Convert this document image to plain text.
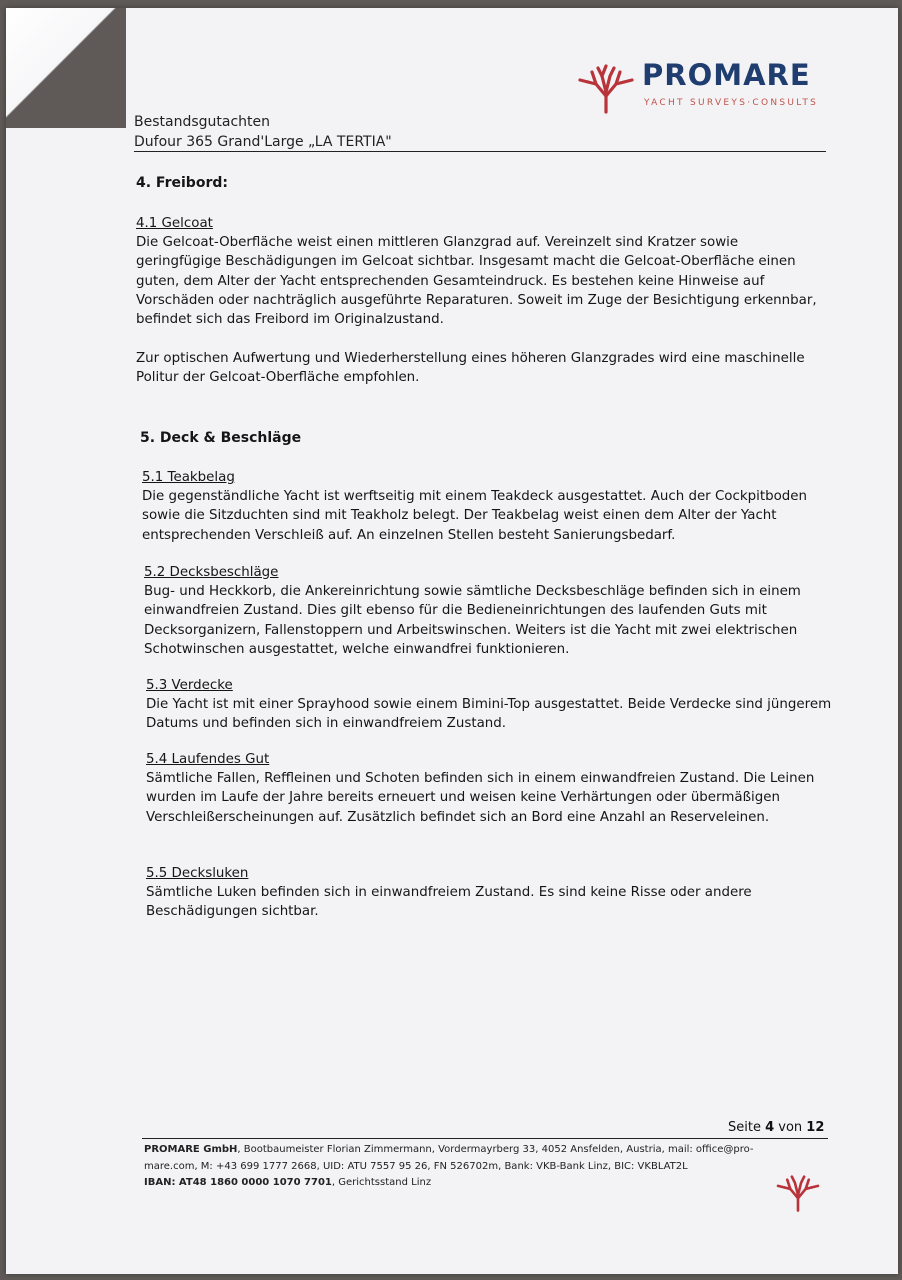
PROMARE
YACHT SURVEYS·CONSULTS
Bestandsgutachten
Dufour 365 Grand'Large „LA TERTIA"

4. Freibord:

4.1 Gelcoat

Die Gelcoat-Oberfläche weist einen mittleren Glanzgrad auf. Vereinzelt sind Kratzer sowie geringfügige Beschädigungen im Gelcoat sichtbar. Insgesamt macht die Gelcoat-Oberfläche einen guten, dem Alter der Yacht entsprechenden Gesamteindruck. Es bestehen keine Hinweise auf Vorschäden oder nachträglich ausgeführte Reparaturen. Soweit im Zuge der Besichtigung erkennbar, befindet sich das Freibord im Originalzustand.

Zur optischen Aufwertung und Wiederherstellung eines höheren Glanzgrades wird eine maschinelle Politur der Gelcoat-Oberfläche empfohlen.

5. Deck & Beschläge

5.1 Teakbelag

Die gegenständliche Yacht ist werftseitig mit einem Teakdeck ausgestattet. Auch der Cockpitboden sowie die Sitzduchten sind mit Teakholz belegt. Der Teakbelag weist einen dem Alter der Yacht entsprechenden Verschleiß auf. An einzelnen Stellen besteht Sanierungsbedarf.

5.2 Decksbeschläge

Bug- und Heckkorb, die Ankereinrichtung sowie sämtliche Decksbeschläge befinden sich in einem einwandfreien Zustand. Dies gilt ebenso für die Bedieneinrichtungen des laufenden Guts mit Decksorganizern, Fallenstoppern und Arbeitswinschen. Weiters ist die Yacht mit zwei elektrischen Schotwinschen ausgestattet, welche einwandfrei funktionieren.

5.3 Verdecke

Die Yacht ist mit einer Sprayhood sowie einem Bimini-Top ausgestattet. Beide Verdecke sind jüngerem Datums und befinden sich in einwandfreiem Zustand.

5.4 Laufendes Gut

Sämtliche Fallen, Reffleinen und Schoten befinden sich in einem einwandfreien Zustand. Die Leinen wurden im Laufe der Jahre bereits erneuert und weisen keine Verhärtungen oder übermäßigen Verschleißerscheinungen auf. Zusätzlich befindet sich an Bord eine Anzahl an Reserveleinen.

5.5 Decksluken

Sämtliche Luken befinden sich in einwandfreiem Zustand. Es sind keine Risse oder andere Beschädigungen sichtbar.

Seite 4 von 12
PROMARE GmbH, Bootbaumeister Florian Zimmermann, Vordermayrberg 33, 4052 Ansfelden, Austria, mail: office@pro-
mare.com, M: +43 699 1777 2668, UID: ATU 7557 95 26, FN 526702m, Bank: VKB-Bank Linz, BIC: VKBLAT2L
IBAN: AT48 1860 0000 1070 7701, Gerichtsstand Linz
